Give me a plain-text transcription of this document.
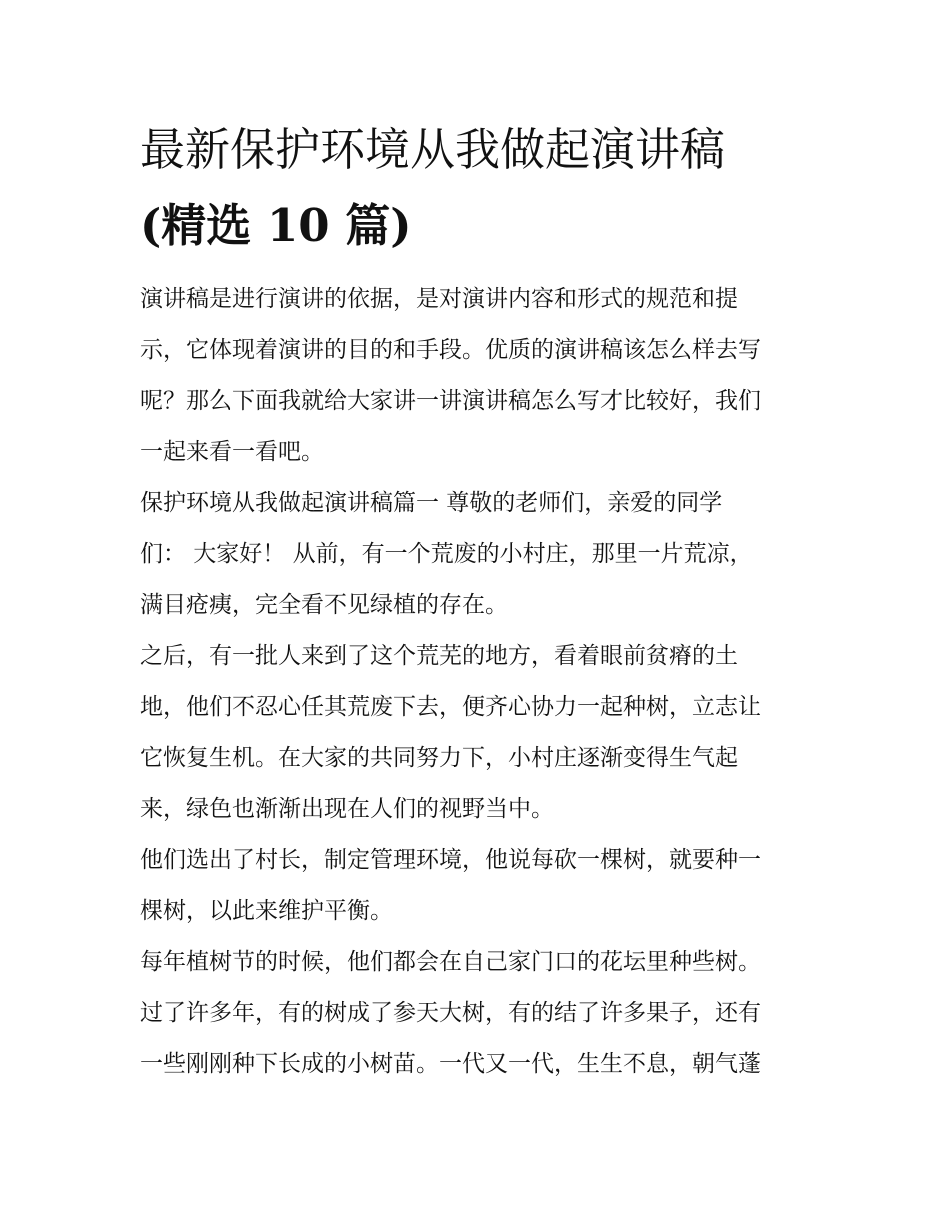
最新保护环境从我做起演讲稿
(精选 10 篇)

演讲稿是进行演讲的依据，是对演讲内容和形式的规范和提
示，它体现着演讲的目的和手段。优质的演讲稿该怎么样去写
呢？那么下面我就给大家讲一讲演讲稿怎么写才比较好，我们
一起来看一看吧。

保护环境从我做起演讲稿篇一 尊敬的老师们，亲爱的同学
们： 大家好！ 从前，有一个荒废的小村庄，那里一片荒凉，
满目疮痍，完全看不见绿植的存在。

之后，有一批人来到了这个荒芜的地方，看着眼前贫瘠的土
地，他们不忍心任其荒废下去，便齐心协力一起种树，立志让
它恢复生机。在大家的共同努力下，小村庄逐渐变得生气起
来，绿色也渐渐出现在人们的视野当中。

他们选出了村长，制定管理环境，他说每砍一棵树，就要种一
棵树，以此来维护平衡。

每年植树节的时候，他们都会在自己家门口的花坛里种些树。
过了许多年，有的树成了参天大树，有的结了许多果子，还有
一些刚刚种下长成的小树苗。一代又一代，生生不息，朝气蓬
